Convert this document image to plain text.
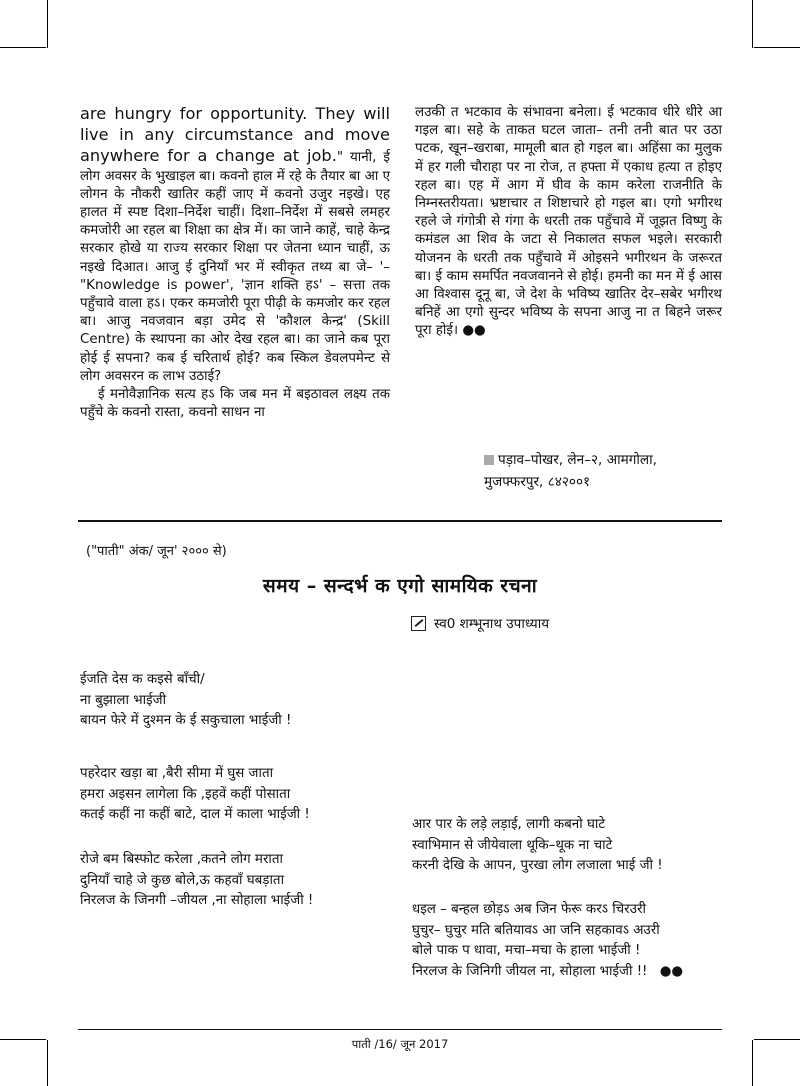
are hungry for opportunity. They will live in any circumstance and move anywhere for a change at job." यानी, ई लोग अवसर के भुखाइल बा। कवनो हाल में रहे के तैयार बा आ ए लोगन के नौकरी खातिर कहीं जाए में कवनो उजुर नइखे। एह हालत में स्पष्ट दिशा–निर्देश चाहीं। दिशा–निर्देश में सबसे लमहर कमजोरी आ रहल बा शिक्षा का क्षेत्र में। का जाने काहें, चाहे केन्द्र सरकार होखे या राज्य सरकार शिक्षा पर जेतना ध्यान चाहीं, ऊ नइखे दिआत। आजु ई दुनियाँ भर में स्वीकृत तथ्य बा जे– '– "Knowledge is power', 'ज्ञान शक्ति हऽ' – सत्ता तक पहुँचावे वाला हऽ। एकर कमजोरी पूरा पीढ़ी के कमजोर कर रहल बा। आजु नवजवान बड़ा उमेद से 'कौशल केन्द्र' (Skill Centre) के स्थापना का ओर देख रहल बा। का जाने कब पूरा होई ई सपना? कब ई चरितार्थ होई? कब स्किल डेवलपमेन्ट से लोग अवसरन क लाभ उठाई?

ई मनोवैज्ञानिक सत्य हऽ कि जब मन में बइठावल लक्ष्य तक पहुँचे के कवनो रास्ता, कवनो साधन ना

लउकी त भटकाव के संभावना बनेला। ई भटकाव धीरे धीरे आ गइल बा। सहे के ताकत घटल जाता– तनी तनी बात पर उठा पटक, खून–खराबा, मामूली बात हो गइल बा। अहिंसा का मुलुक में हर गली चौराहा पर ना रोज, त हफ्ता में एकाध हत्या त होइए रहल बा। एह में आग में घीव के काम करेला राजनीति के निम्नस्तरीयता। भ्रष्टाचार त शिष्टाचारे हो गइल बा। एगो भगीरथ रहले जे गंगोत्री से गंगा के धरती तक पहुँचावे में जूझत विष्णु के कमंडल आ शिव के जटा से निकालत सफल भइले। सरकारी योजनन के धरती तक पहुँचावे में ओइसने भगीरथन के जरूरत बा। ई काम समर्पित नवजवानने से होई। हमनी का मन में ई आस आ विश्वास दूनू बा, जे देश के भविष्य खातिर देर–सबेर भगीरथ बनिहें आ एगो सुन्दर भविष्य के सपना आजु ना त बिहने जरूर पूरा होई। ●●

पड़ाव–पोखर, लेन–२, आमगोला,
मुजफ्फरपुर, ८४२००१
("पाती" अंक/ जून' २००० से)
समय – सन्दर्भ क एगो सामयिक रचना
स्व0 शम्भूनाथ उपाध्याय
ईजति देस क कइसे बाँची/
ना बुझाला भाईजी
बायन फेरे में दुश्मन के ई सकुचाला भाईजी !
पहरेदार खड़ा बा ,बैरी सीमा में घुस जाता
हमरा अइसन लागेला कि ,इहवें कहीं पोसाता
कतई कहीं ना कहीं बाटे, दाल में काला भाईजी !
रोजे बम बिस्फोट करेला ,कतने लोग मराता
दुनियाँ चाहे जे कुछ बोले,ऊ कहवाँ घबड़ाता
निरलज के जिनगी –जीयल ,ना सोहाला भाईजी !
आर पार के लड़े लड़ाई, लागी कबनो घाटे
स्वाभिमान से जीयेवाला थूकि–थूक ना चाटे
करनी देखि के आपन, पुरखा लोग लजाला भाई जी !
धइल – बन्हल छोड़ऽ अब जिन फेरू करऽ चिरउरी
घुचुर– घुचुर मति बतियावऽ आ जनि सहकावऽ अउरी
बोले पाक प धावा, मचा–मचा के हाला भाईजी !
निरलज के जिनिगी जीयल ना, सोहाला भाईजी !! ●●
पाती /16/ जून 2017
